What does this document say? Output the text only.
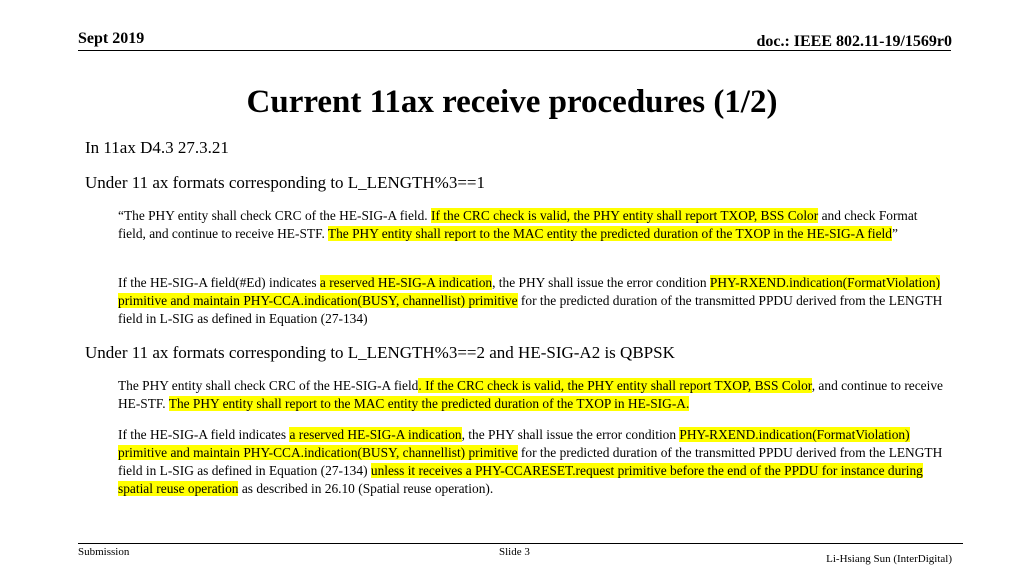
Sept 2019	doc.: IEEE 802.11-19/1569r0
Current 11ax receive procedures (1/2)
In 11ax D4.3 27.3.21
Under 11 ax formats corresponding to L_LENGTH%3==1
“The PHY entity shall check CRC of the HE-SIG-A field. If the CRC check is valid, the PHY entity shall report TXOP, BSS Color and check Format field, and continue to receive HE-STF. The PHY entity shall report to the MAC entity the predicted duration of the TXOP in the HE-SIG-A field”
If the HE-SIG-A field(#Ed) indicates a reserved HE-SIG-A indication, the PHY shall issue the error condition PHY-RXEND.indication(FormatViolation) primitive and maintain PHY-CCA.indication(BUSY, channellist) primitive for the predicted duration of the transmitted PPDU derived from the LENGTH field in L-SIG as defined in Equation (27-134)
Under 11 ax formats corresponding to L_LENGTH%3==2 and HE-SIG-A2 is QBPSK
The PHY entity shall check CRC of the HE-SIG-A field. If the CRC check is valid, the PHY entity shall report TXOP, BSS Color, and continue to receive HE-STF. The PHY entity shall report to the MAC entity the predicted duration of the TXOP in HE-SIG-A.
If the HE-SIG-A field indicates a reserved HE-SIG-A indication, the PHY shall issue the error condition PHY-RXEND.indication(FormatViolation) primitive and maintain PHY-CCA.indication(BUSY, channellist) primitive for the predicted duration of the transmitted PPDU derived from the LENGTH field in L-SIG as defined in Equation (27-134) unless it receives a PHY-CCARESET.request primitive before the end of the PPDU for instance during spatial reuse operation as described in 26.10 (Spatial reuse operation).
Submission	Slide 3
Li-Hsiang Sun (InterDigital)
